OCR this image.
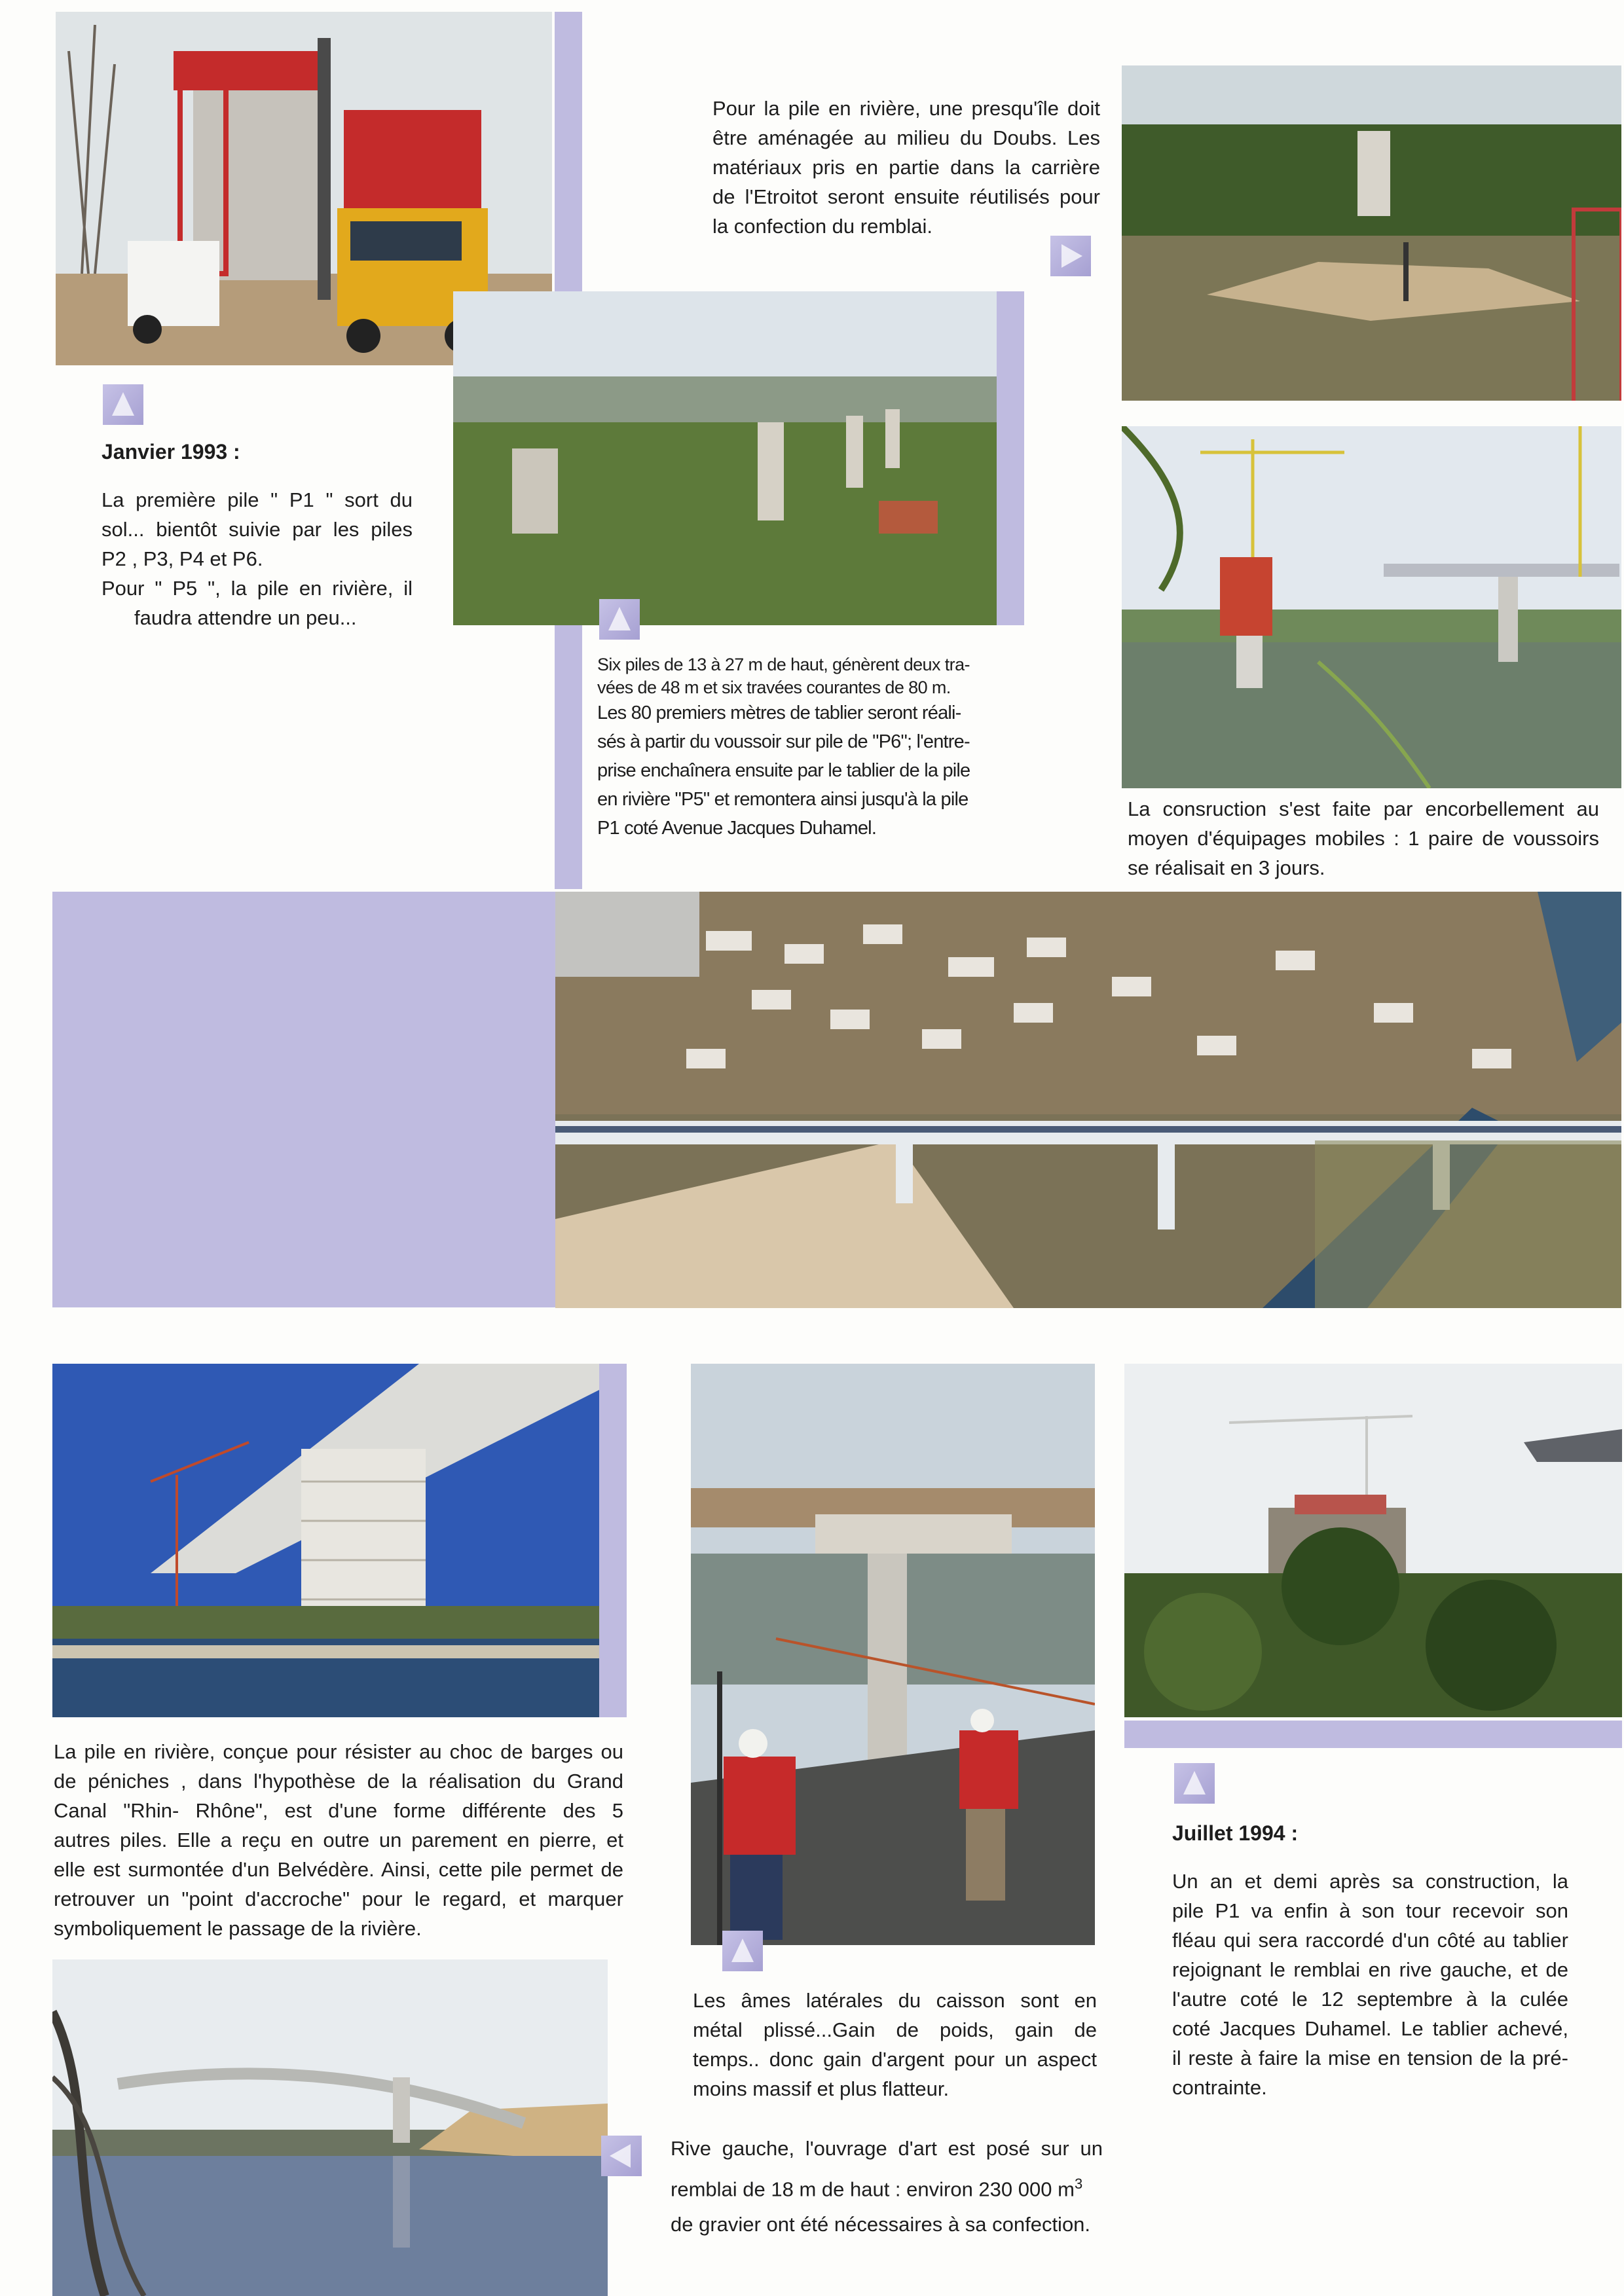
Janvier 1993 :

La première pile " P1 " sort du

sol... bientôt suivie par les piles

P2 , P3, P4 et P6.

Pour " P5 ", la pile en rivière, il

faudra attendre un peu...

Pour la pile en rivière, une presqu'île doit

être aménagée au milieu du Doubs. Les

matériaux pris en partie dans la carrière

de l'Etroitot seront ensuite réutilisés pour

la confection du remblai.

Six piles de 13 à 27 m de haut, génèrent deux tra-

vées de 48 m et six travées courantes de 80 m.

Les 80 premiers mètres de tablier seront réali-

sés à partir du voussoir sur pile de "P6"; l'entre-

prise enchaînera ensuite par le tablier de la pile

en rivière "P5" et remontera ainsi jusqu'à la pile

P1 coté Avenue Jacques Duhamel.

La consruction s'est faite par encorbellement au

moyen d'équipages mobiles : 1 paire de voussoirs

se réalisait en 3 jours.

La pile en rivière, conçue pour résister au choc de barges ou

de péniches , dans l'hypothèse de la réalisation du Grand

Canal "Rhin- Rhône", est d'une forme différente des 5

autres piles. Elle a reçu en outre un parement en pierre, et

elle est surmontée d'un Belvédère. Ainsi, cette pile permet de

retrouver un "point d'accroche" pour le regard, et marquer

symboliquement le passage de la rivière.

Les âmes latérales du caisson sont en

métal plissé...Gain de poids, gain de

temps.. donc gain d'argent pour un aspect

moins massif et plus flatteur.

Rive gauche, l'ouvrage d'art est posé sur un

remblai de 18 m de haut : environ 230 000 $m^3$

de gravier ont été nécessaires à sa confection.

Juillet 1994 :

Un an et demi après sa construction, la

pile P1 va enfin à son tour recevoir son

fléau qui sera raccordé d'un côté au tablier

rejoignant le remblai en rive gauche, et de

l'autre coté le 12 septembre à la culée

coté Jacques Duhamel. Le tablier achevé,

il reste à faire la mise en tension de la pré-

contrainte.
